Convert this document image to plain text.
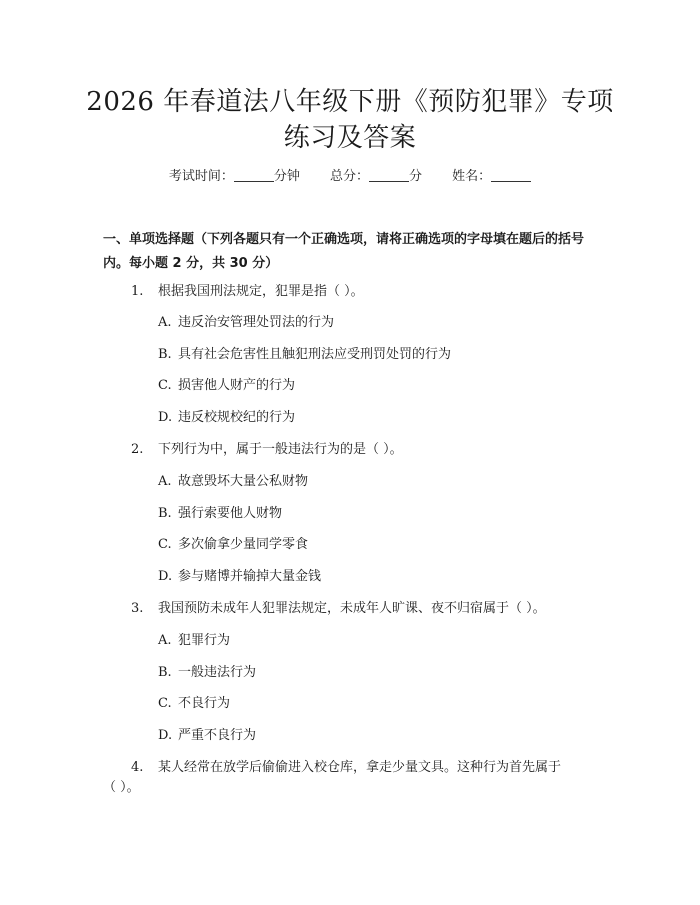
2026 年春道法八年级下册《预防犯罪》专项
练习及答案
考试时间：	分钟 总分：	分 姓名：
一、单项选择题（下列各题只有一个正确选项，请将正确选项的字母填在题后的括号内。每小题 2 分，共 30 分）
1. 根据我国刑法规定，犯罪是指（ ）。
A. 违反治安管理处罚法的行为
B. 具有社会危害性且触犯刑法应受刑罚处罚的行为
C. 损害他人财产的行为
D. 违反校规校纪的行为
2. 下列行为中，属于一般违法行为的是（ ）。
A. 故意毁坏大量公私财物
B. 强行索要他人财物
C. 多次偷拿少量同学零食
D. 参与赌博并输掉大量金钱
3. 我国预防未成年人犯罪法规定，未成年人旷课、夜不归宿属于（ ）。
A. 犯罪行为
B. 一般违法行为
C. 不良行为
D. 严重不良行为
4. 某人经常在放学后偷偷进入校仓库，拿走少量文具。这种行为首先属于
（ ）。
